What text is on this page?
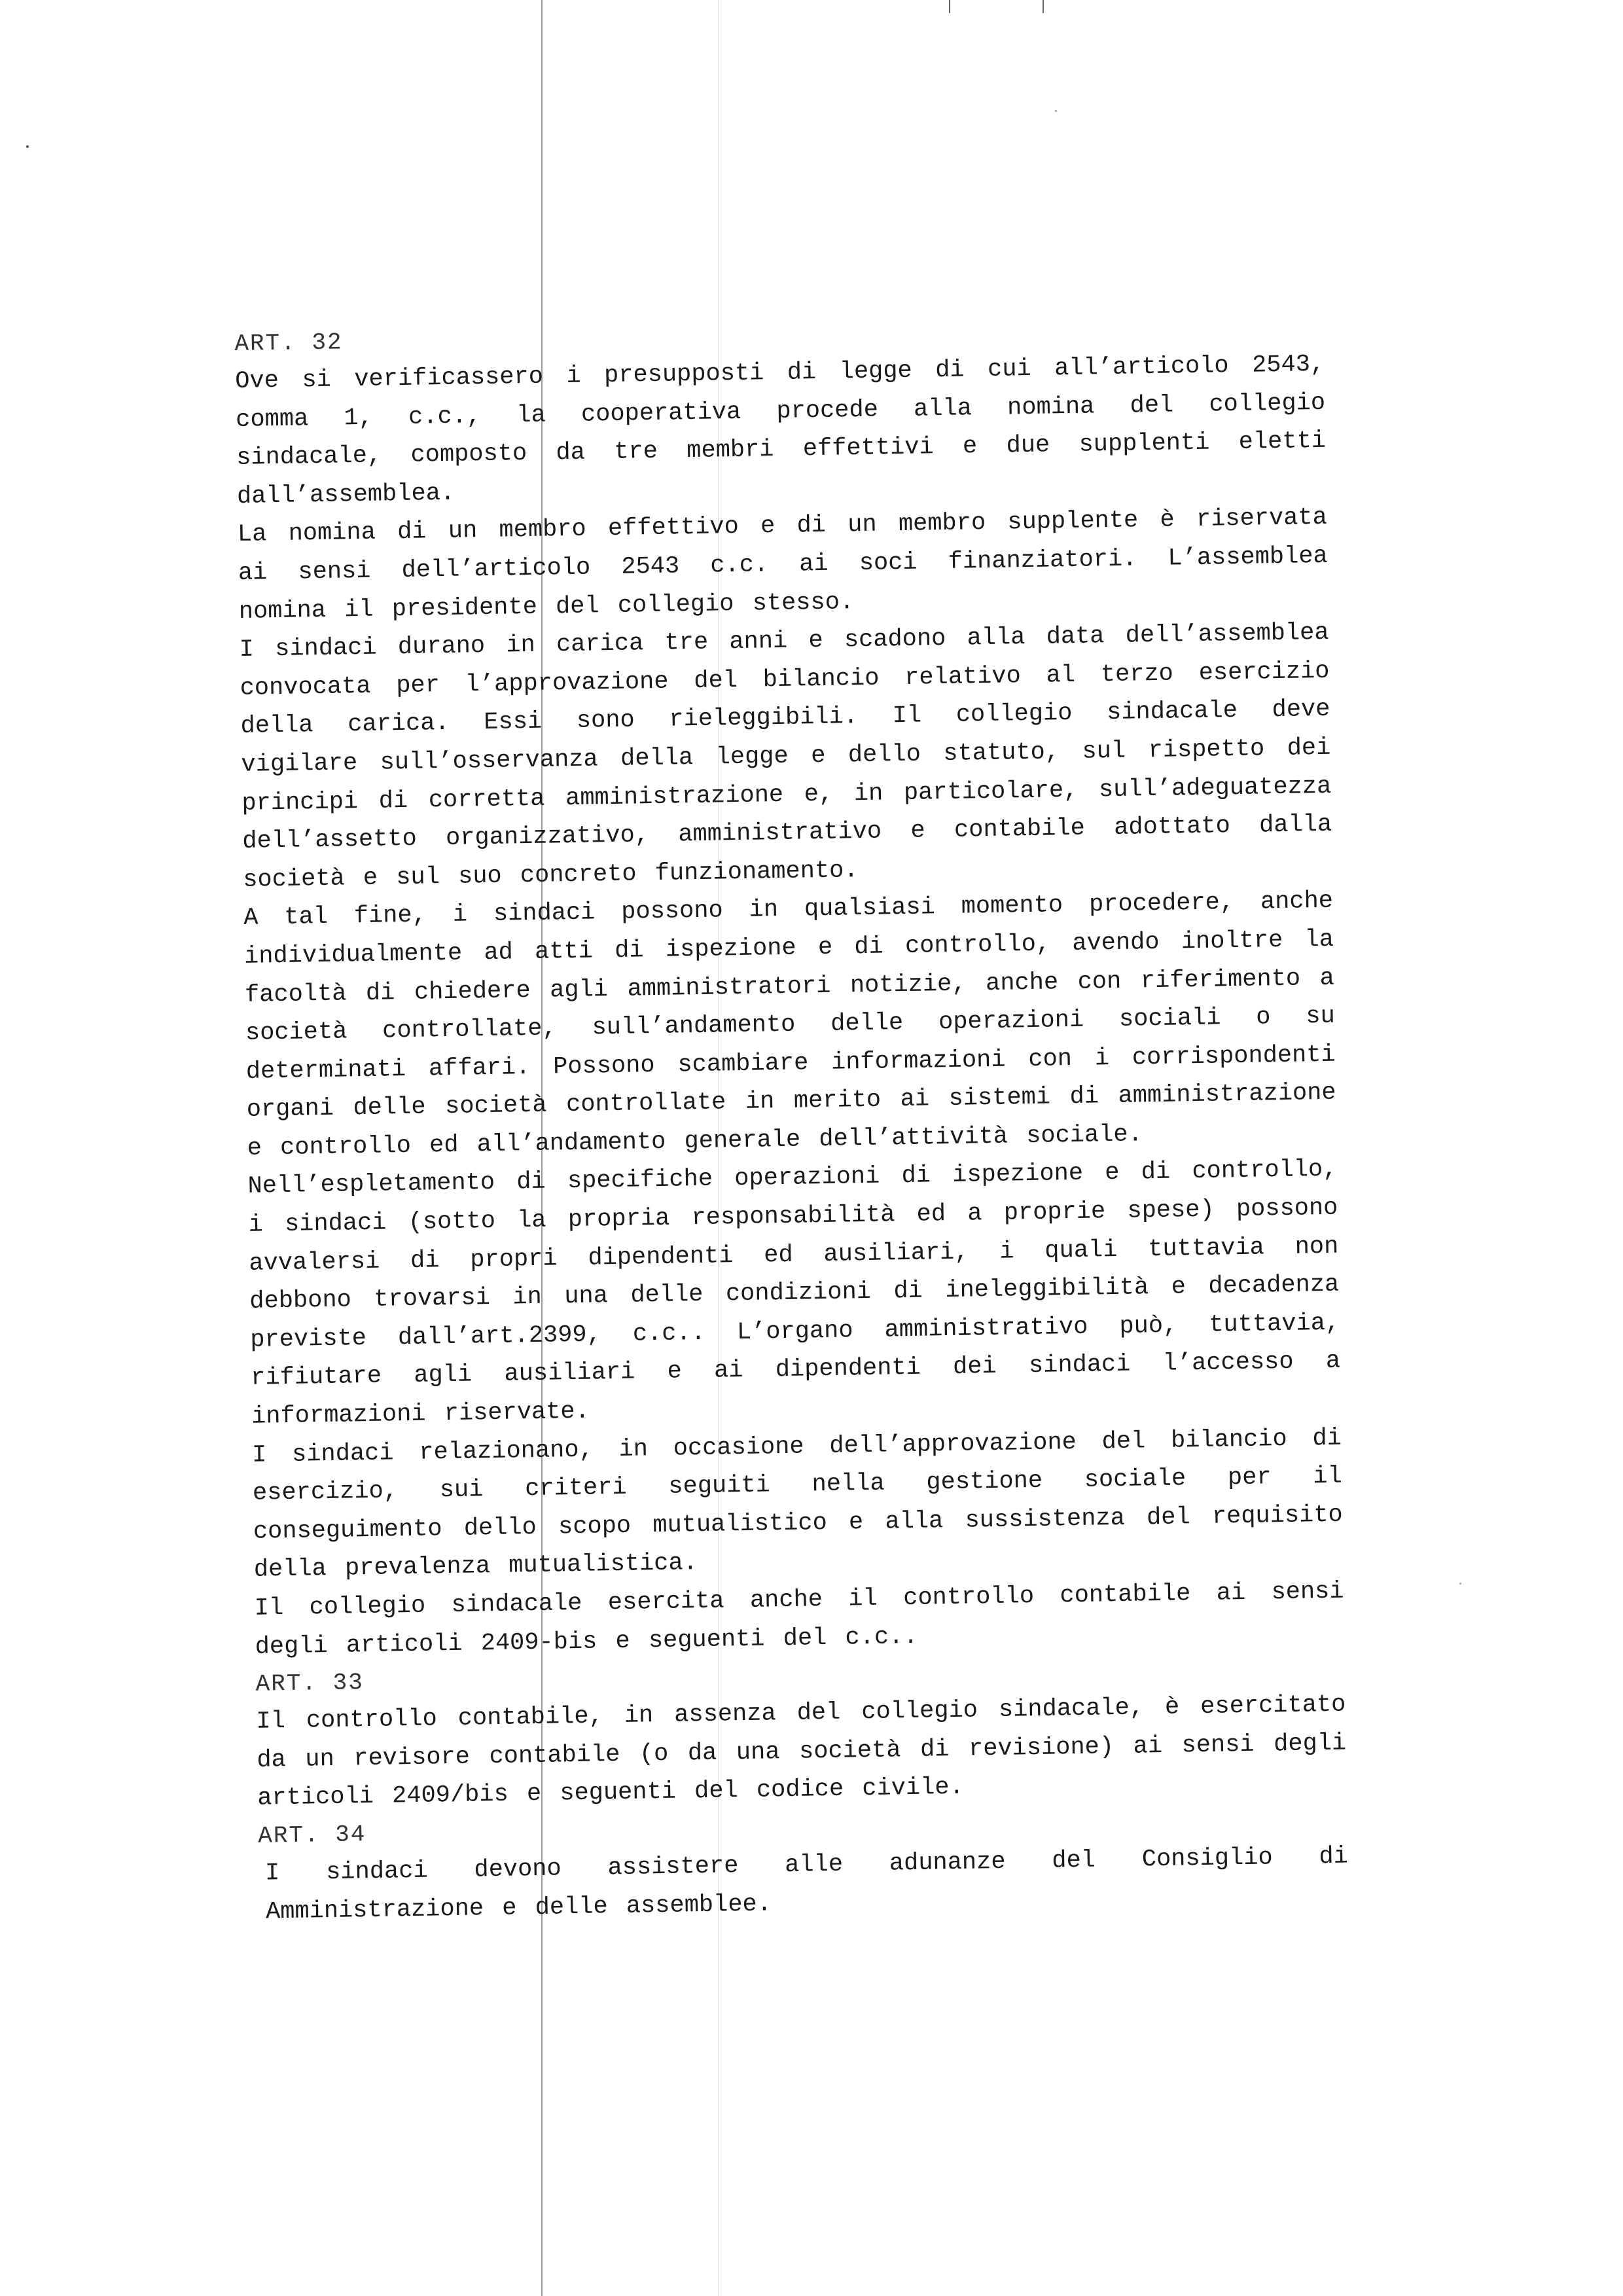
ART. 32

Ove si verificassero i presupposti di legge di cui all’articolo 2543, comma 1, c.c., la cooperativa procede alla nomina del collegio sindacale, composto da tre membri effettivi e due supplenti eletti dall’assemblea.

La nomina di un membro effettivo e di un membro supplente è riservata ai sensi dell’articolo 2543 c.c. ai soci finanziatori. L’assemblea nomina il presidente del collegio stesso.

I sindaci durano in carica tre anni e scadono alla data dell’assemblea convocata per l’approvazione del bilancio relativo al terzo esercizio della carica. Essi sono rieleggibili. Il collegio sindacale deve vigilare sull’osservanza della legge e dello statuto, sul rispetto dei principi di corretta amministrazione e, in particolare, sull’adeguatezza dell’assetto organizzativo, amministrativo e contabile adottato dalla società e sul suo concreto funzionamento.

A tal fine, i sindaci possono in qualsiasi momento procedere, anche individualmente ad atti di ispezione e di controllo, avendo inoltre la facoltà di chiedere agli amministratori notizie, anche con riferimento a società controllate, sull’andamento delle operazioni sociali o su determinati affari. Possono scambiare informazioni con i corrispondenti organi delle società controllate in merito ai sistemi di amministrazione e controllo ed all’andamento generale dell’attività sociale.

Nell’espletamento di specifiche operazioni di ispezione e di controllo, i sindaci (sotto la propria responsabilità ed a proprie spese) possono avvalersi di propri dipendenti ed ausiliari, i quali tuttavia non debbono trovarsi in una delle condizioni di ineleggibilità e decadenza previste dall’art.2399, c.c.. L’organo amministrativo può, tuttavia, rifiutare agli ausiliari e ai dipendenti dei sindaci l’accesso a informazioni riservate.

I sindaci relazionano, in occasione dell’approvazione del bilancio di esercizio, sui criteri seguiti nella gestione sociale per il conseguimento dello scopo mutualistico e alla sussistenza del requisito della prevalenza mutualistica.

Il collegio sindacale esercita anche il controllo contabile ai sensi degli articoli 2409-bis e seguenti del c.c..

ART. 33

Il controllo contabile, in assenza del collegio sindacale, è esercitato da un revisore contabile (o da una società di revisione) ai sensi degli articoli 2409/bis e seguenti del codice civile.

ART. 34

I sindaci devono assistere alle adunanze del Consiglio di Amministrazione e delle assemblee.
